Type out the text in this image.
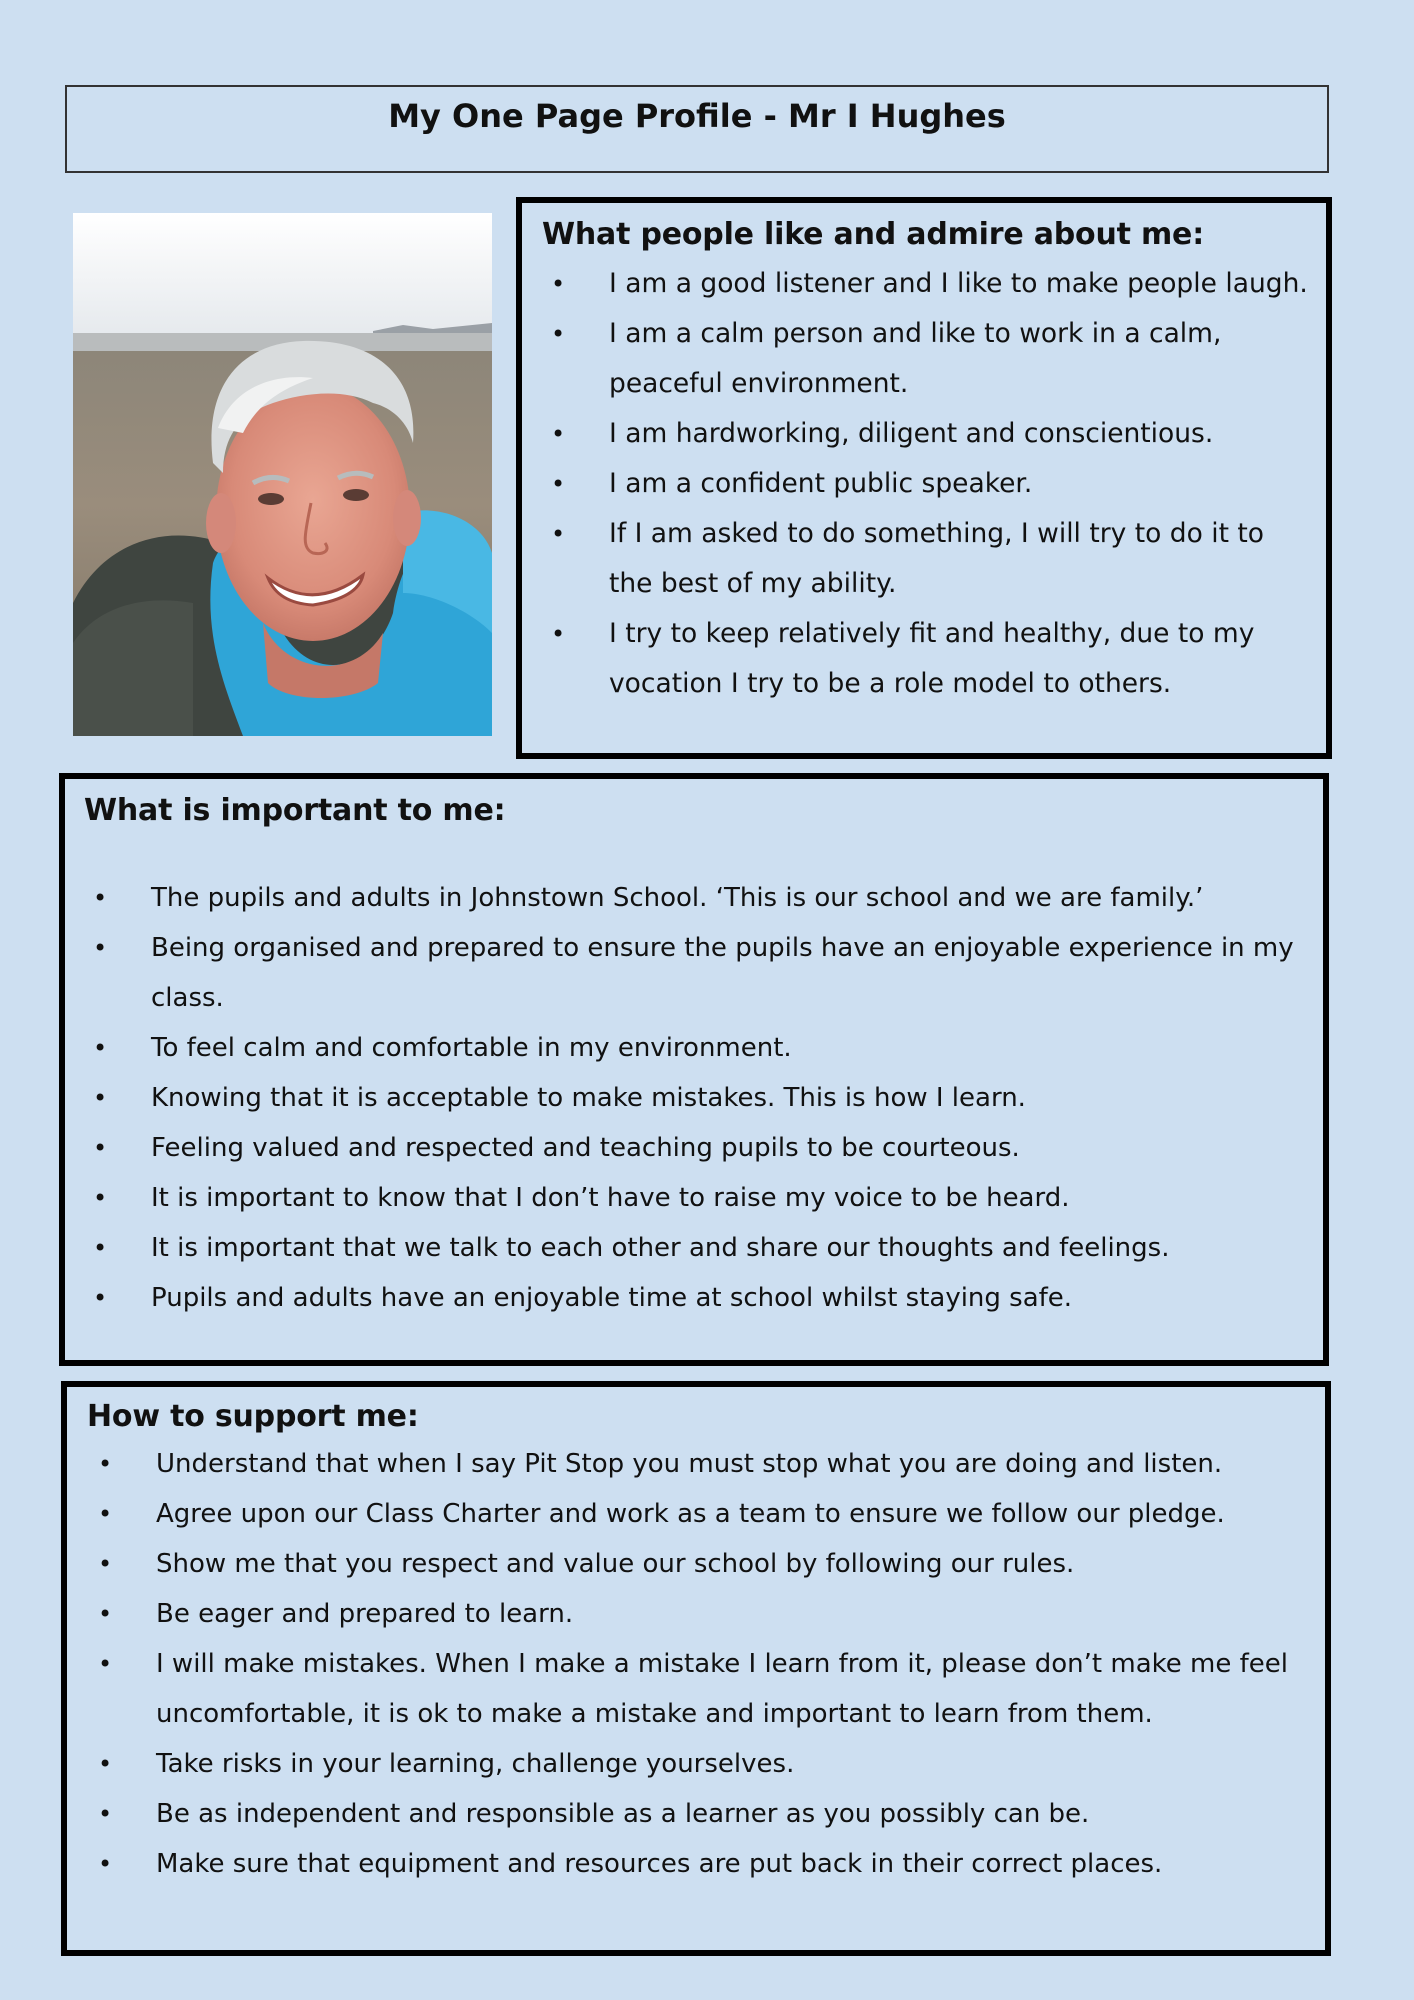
My One Page Profile - Mr I Hughes
What people like and admire about me:
• I am a good listener and I like to make people laugh.
• I am a calm person and like to work in a calm, peaceful environment.
• I am hardworking, diligent and conscientious.
• I am a confident public speaker.
• If I am asked to do something, I will try to do it to the best of my ability.
• I try to keep relatively fit and healthy, due to my vocation I try to be a role model to others.
What is important to me:
• The pupils and adults in Johnstown School. ‘This is our school and we are family.’
• Being organised and prepared to ensure the pupils have an enjoyable experience in my class.
• To feel calm and comfortable in my environment.
• Knowing that it is acceptable to make mistakes. This is how I learn.
• Feeling valued and respected and teaching pupils to be courteous.
• It is important to know that I don’t have to raise my voice to be heard.
• It is important that we talk to each other and share our thoughts and feelings.
• Pupils and adults have an enjoyable time at school whilst staying safe.
How to support me:
• Understand that when I say Pit Stop you must stop what you are doing and listen.
• Agree upon our Class Charter and work as a team to ensure we follow our pledge.
• Show me that you respect and value our school by following our rules.
• Be eager and prepared to learn.
• I will make mistakes. When I make a mistake I learn from it, please don’t make me feel uncomfortable, it is ok to make a mistake and important to learn from them.
• Take risks in your learning, challenge yourselves.
• Be as independent and responsible as a learner as you possibly can be.
• Make sure that equipment and resources are put back in their correct places.
